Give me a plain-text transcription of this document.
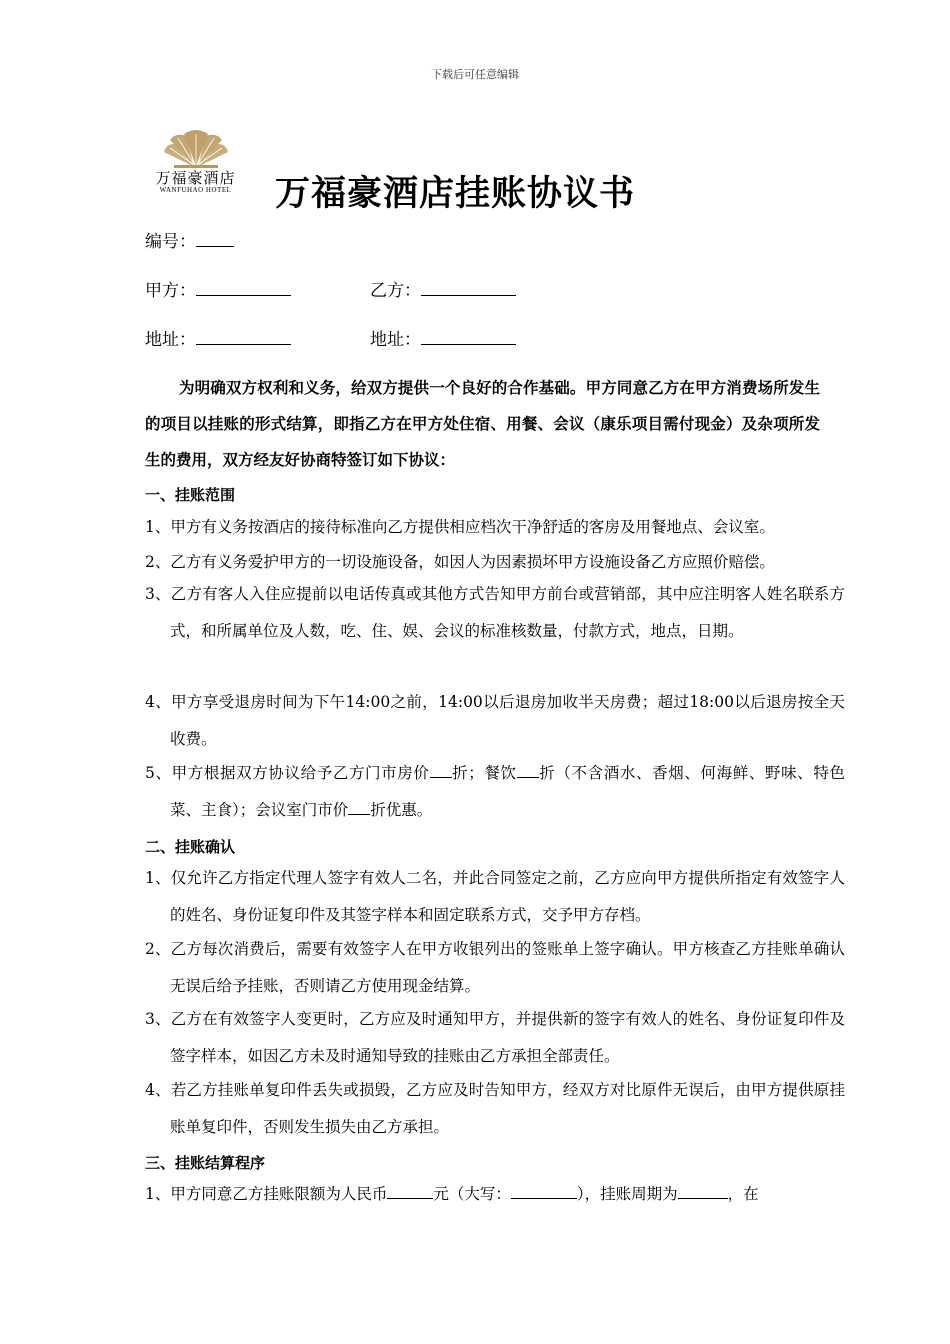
下载后可任意编辑
万福豪酒店
WANFUHAO HOTEL	万福豪酒店挂账协议书
编号：
甲方：	乙方：
地址：	地址：
为明确双方权利和义务，给双方提供一个良好的合作基础。甲方同意乙方在甲方消费场所发生的项目以挂账的形式结算，即指乙方在甲方处住宿、用餐、会议（康乐项目需付现金）及杂项所发生的费用，双方经友好协商特签订如下协议：
一、挂账范围
1、甲方有义务按酒店的接待标准向乙方提供相应档次干净舒适的客房及用餐地点、会议室。
2、乙方有义务爱护甲方的一切设施设备，如因人为因素损坏甲方设施设备乙方应照价赔偿。
3、乙方有客人入住应提前以电话传真或其他方式告知甲方前台或营销部，其中应注明客人姓名联系方式，和所属单位及人数，吃、住、娱、会议的标准核数量，付款方式，地点，日期。
4、甲方享受退房时间为下午14:00之前，14:00以后退房加收半天房费；超过18:00以后退房按全天收费。
5、甲方根据双方协议给予乙方门市房价 折；餐饮 折（不含酒水、香烟、何海鲜、野味、特色菜、主食）；会议室门市价 折优惠。
二、挂账确认
1、仅允许乙方指定代理人签字有效人二名，并此合同签定之前，乙方应向甲方提供所指定有效签字人的姓名、身份证复印件及其签字样本和固定联系方式，交予甲方存档。
2、乙方每次消费后，需要有效签字人在甲方收银列出的签账单上签字确认。甲方核查乙方挂账单确认无误后给予挂账，否则请乙方使用现金结算。
3、乙方在有效签字人变更时，乙方应及时通知甲方，并提供新的签字有效人的姓名、身份证复印件及签字样本，如因乙方未及时通知导致的挂账由乙方承担全部责任。
4、若乙方挂账单复印件丢失或损毁，乙方应及时告知甲方，经双方对比原件无误后，由甲方提供原挂账单复印件，否则发生损失由乙方承担。
三、挂账结算程序
1、甲方同意乙方挂账限额为人民币	元（大写：	），挂账周期为	，在
